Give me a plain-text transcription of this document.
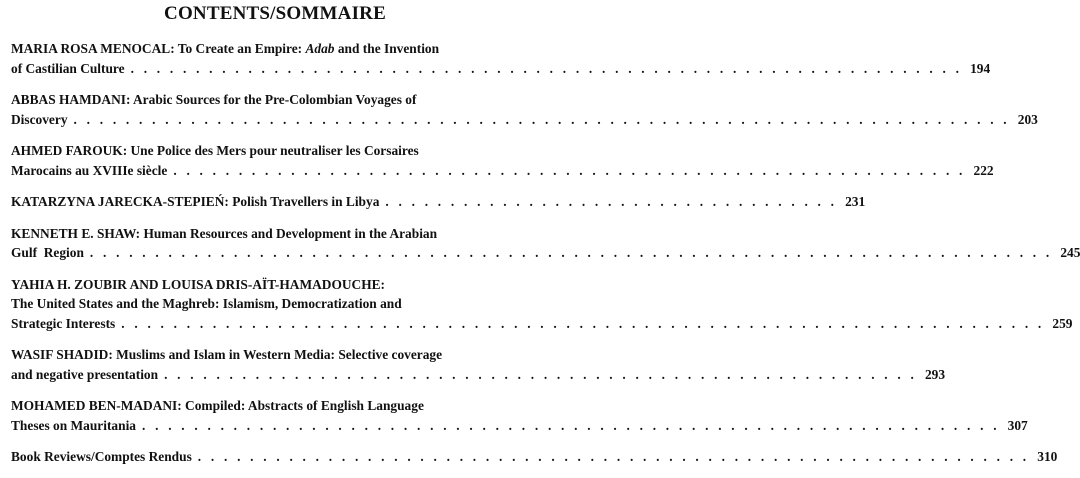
CONTENTS/SOMMAIRE
MARIA ROSA MENOCAL: To Create an Empire: Adab and the Invention
of Castilian Culture . . . . . . . . . . . . . . . . . . . . . . . . . . . . . . . . . . . . . . . . . . . . . . . . . . . . . . . . . . . . . . . . 194
ABBAS HAMDANI: Arabic Sources for the Pre-Colombian Voyages of
Discovery . . . . . . . . . . . . . . . . . . . . . . . . . . . . . . . . . . . . . . . . . . . . . . . . . . . . . . . . . . . . . . . . . . . . . . . . 203
AHMED FAROUK: Une Police des Mers pour neutraliser les Corsaires
Marocains au XVIIIe siècle . . . . . . . . . . . . . . . . . . . . . . . . . . . . . . . . . . . . . . . . . . . . . . . . . . . . . . . . . . . . . 222
KATARZYNA JARECKA-STEPIEŃ: Polish Travellers in Libya . . . . . . . . . . . . . . . . . . . . . . . . . . . . . . . . . . . 231
KENNETH E. SHAW: Human Resources and Development in the Arabian
Gulf  Region . . . . . . . . . . . . . . . . . . . . . . . . . . . . . . . . . . . . . . . . . . . . . . . . . . . . . . . . . . . . . . . . . . . . . . . . . . 245
YAHIA H. ZOUBIR AND LOUISA DRIS-AÏT-HAMADOUCHE:
The United States and the Maghreb: Islamism, Democratization and
Strategic Interests . . . . . . . . . . . . . . . . . . . . . . . . . . . . . . . . . . . . . . . . . . . . . . . . . . . . . . . . . . . . . . . . . . . . . . . 259
WASIF SHADID: Muslims and Islam in Western Media: Selective coverage
and negative presentation . . . . . . . . . . . . . . . . . . . . . . . . . . . . . . . . . . . . . . . . . . . . . . . . . . . . . . . . . . 293
MOHAMED BEN-MADANI: Compiled: Abstracts of English Language
Theses on Mauritania . . . . . . . . . . . . . . . . . . . . . . . . . . . . . . . . . . . . . . . . . . . . . . . . . . . . . . . . . . . . . . . . . . 307
Book Reviews/Comptes Rendus . . . . . . . . . . . . . . . . . . . . . . . . . . . . . . . . . . . . . . . . . . . . . . . . . . . . . . . . . . . . . . . . 310
